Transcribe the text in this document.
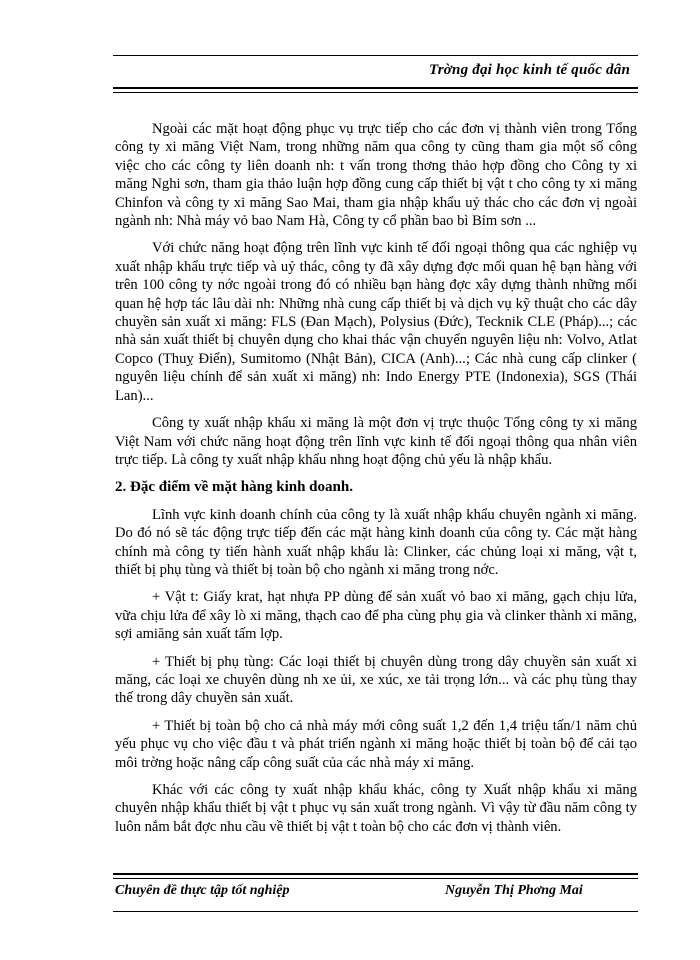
Trờng đại học kinh tế quốc dân

Ngoài các mặt hoạt động phục vụ trực tiếp cho các đơn vị thành viên trong Tổng công ty xi măng Việt Nam, trong những năm qua công ty cũng tham gia một số công việc cho các công ty liên doanh nh: t vấn trong thơng thảo hợp đồng cho Công ty xi măng Nghi sơn, tham gia thảo luận hợp đồng cung cấp thiết bị vật t cho công ty xi măng Chinfon và công ty xi măng Sao Mai, tham gia nhập khẩu uỷ thác cho các đơn vị ngoài ngành nh: Nhà máy vỏ bao Nam Hà, Công ty cổ phần bao bì Bỉm sơn ...

Với chức năng hoạt động trên lĩnh vực kinh tế đối ngoại thông qua các nghiệp vụ xuất nhập khẩu trực tiếp và uỷ thác, công ty đã xây dựng đợc mối quan hệ bạn hàng với trên 100 công ty nớc ngoài trong đó có nhiều bạn hàng đợc xây dựng thành những mối quan hệ hợp tác lâu dài nh: Những nhà cung cấp thiết bị và dịch vụ kỹ thuật cho các dây chuyền sản xuất xi măng: FLS (Đan Mạch), Polysius (Đức), Tecknik CLE (Pháp)...; các nhà sản xuất thiết bị chuyên dụng cho khai thác vận chuyển nguyên liệu nh: Volvo, Atlat Copco (Thuỵ Điển), Sumitomo (Nhật Bản), CICA (Anh)...; Các nhà cung cấp clinker ( nguyên liệu chính để sản xuất xi măng) nh: Indo Energy PTE (Indonexia), SGS (Thái Lan)...

Công ty xuất nhập khẩu xi măng là một đơn vị trực thuộc Tổng công ty xi măng Việt Nam với chức năng hoạt động trên lĩnh vực kinh tế đối ngoại thông qua nhân viên trực tiếp. Là công ty xuất nhập khẩu nhng hoạt động chủ yếu là nhập khẩu.

2. Đặc điểm về mặt hàng kinh doanh.

Lĩnh vực kinh doanh chính của công ty là xuất nhập khẩu chuyên ngành xi măng. Do đó nó sẽ tác động trực tiếp đến các mặt hàng kinh doanh của công ty. Các mặt hàng chính mà công ty tiến hành xuất nhập khẩu là: Clinker, các chủng loại xi măng, vật t, thiết bị phụ tùng và thiết bị toàn bộ cho ngành xi măng trong nớc.

+ Vật t: Giấy krat, hạt nhựa PP dùng để sản xuất vỏ bao xi măng, gạch chịu lửa, vữa chịu lửa để xây lò xi măng, thạch cao để pha cùng phụ gia và clinker thành xi măng, sợi amiăng sản xuất tấm lợp.

+ Thiết bị phụ tùng: Các loại thiết bị chuyên dùng trong dây chuyền sản xuất xi măng, các loại xe chuyên dùng nh xe ủi, xe xúc, xe tải trọng lớn... và các phụ tùng thay thế trong dây chuyền sản xuất.

+ Thiết bị toàn bộ cho cả nhà máy mới công suất 1,2 đến 1,4 triệu tấn/1 năm chủ yếu phục vụ cho việc đầu t và phát triển ngành xi măng hoặc thiết bị toàn bộ để cải tạo môi trờng hoặc nâng cấp công suất của các nhà máy xi măng.

Khác với các công ty xuất nhập khẩu khác, công ty Xuất nhập khẩu xi măng chuyên nhập khẩu thiết bị vật t phục vụ sản xuất trong ngành. Vì vậy từ đầu năm công ty luôn nắm bắt đợc nhu cầu về thiết bị vật t toàn bộ cho các đơn vị thành viên.

Chuyên đề thực tập tốt nghiệp	Nguyễn Thị Phơng Mai
